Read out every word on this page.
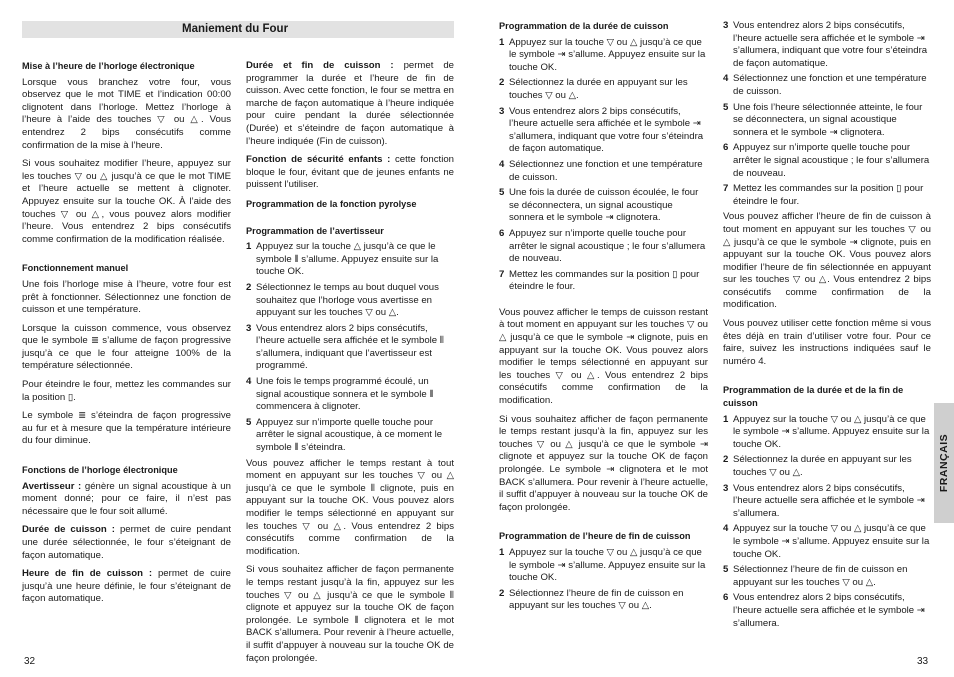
Maniement du Four
Mise à l’heure de l’horloge électronique

Lorsque vous branchez votre four, vous observez que le mot TIME et l’indication 00:00 clignotent dans l’horloge. Mettez l’horloge à l’heure à l’aide des touches ▽ ou △. Vous entendrez 2 bips consécutifs comme confirmation de la mise à l’heure.

Si vous souhaitez modifier l’heure, appuyez sur les touches ▽ ou △ jusqu’à ce que le mot TIME et l’heure actuelle se mettent à clignoter. Appuyez ensuite sur la touche OK. À l’aide des touches ▽ ou △, vous pouvez alors modifier l’heure. Vous entendrez 2 bips consécutifs comme confirmation de la modification réalisée.

Fonctionnement manuel

Une fois l’horloge mise à l’heure, votre four est prêt à fonctionner. Sélectionnez une fonction de cuisson et une température.

Lorsque la cuisson commence, vous observez que le symbole ≣ s’allume de façon progressive jusqu’à ce que le four atteigne 100% de la température sélectionnée.

Pour éteindre le four, mettez les commandes sur la position ▯.

Le symbole ≣ s’éteindra de façon progressive au fur et à mesure que la température intérieure du four diminue.

Fonctions de l’horloge électronique

Avertisseur : génère un signal acoustique à un moment donné; pour ce faire, il n’est pas nécessaire que le four soit allumé.

Durée de cuisson : permet de cuire pendant une durée sélectionnée, le four s’éteignant de façon automatique.

Heure de fin de cuisson : permet de cuire jusqu’à une heure définie, le four s’éteignant de façon automatique.

Durée et fin de cuisson : permet de programmer la durée et l’heure de fin de cuisson. Avec cette fonction, le four se mettra en marche de façon automatique à l’heure indiquée pour cuire pendant la durée sélectionnée (Durée) et s’éteindre de façon automatique à l’heure indiquée (Fin de cuisson).

Fonction de sécurité enfants : cette fonction bloque le four, évitant que de jeunes enfants ne puissent l’utiliser.

Programmation de la fonction pyrolyse
Programmation de l’avertisseur
1 Appuyez sur la touche △ jusqu’à ce que le symbole ⦀ s’allume. Appuyez ensuite sur la touche OK.
2 Sélectionnez le temps au bout duquel vous souhaitez que l’horloge vous avertisse en appuyant sur les touches ▽ ou △.
3 Vous entendrez alors 2 bips consécutifs, l’heure actuelle sera affichée et le symbole ⦀ s’allumera, indiquant que l’avertisseur est programmé.
4 Une fois le temps programmé écoulé, un signal acoustique sonnera et le symbole ⦀ commencera à clignoter.
5 Appuyez sur n’importe quelle touche pour arrêter le signal acoustique, à ce moment le symbole ⦀ s’éteindra.

Vous pouvez afficher le temps restant à tout moment en appuyant sur les touches ▽ ou △ jusqu’à ce que le symbole ⦀ clignote, puis en appuyant sur la touche OK. Vous pouvez alors modifier le temps sélectionné en appuyant sur les touches ▽ ou △. Vous entendrez 2 bips consécutifs comme confirmation de la modification.

Si vous souhaitez afficher de façon permanente le temps restant jusqu’à la fin, appuyez sur les touches ▽ ou △ jusqu’à ce que le symbole ⦀ clignote et appuyez sur la touche OK de façon prolongée. Le symbole ⦀ clignotera et le mot BACK s’allumera. Pour revenir à l’heure actuelle, il suffit d’appuyer à nouveau sur la touche OK de façon prolongée.

Programmation de la durée de cuisson
1 Appuyez sur la touche ▽ ou △ jusqu’à ce que le symbole ⇥ s’allume. Appuyez ensuite sur la touche OK.
2 Sélectionnez la durée en appuyant sur les touches ▽ ou △.
3 Vous entendrez alors 2 bips consécutifs, l’heure actuelle sera affichée et le symbole ⇥ s’allumera, indiquant que votre four s’éteindra de façon automatique.
4 Sélectionnez une fonction et une température de cuisson.
5 Une fois la durée de cuisson écoulée, le four se déconnectera, un signal acoustique sonnera et le symbole ⇥ clignotera.
6 Appuyez sur n’importe quelle touche pour arrêter le signal acoustique ; le four s’allumera de nouveau.
7 Mettez les commandes sur la position ▯ pour éteindre le four.

Vous pouvez afficher le temps de cuisson restant à tout moment en appuyant sur les touches ▽ ou △ jusqu’à ce que le symbole ⇥ clignote, puis en appuyant sur la touche OK. Vous pouvez alors modifier le temps sélectionné en appuyant sur les touches ▽ ou △. Vous entendrez 2 bips consécutifs comme confirmation de la modification.

Si vous souhaitez afficher de façon permanente le temps restant jusqu’à la fin, appuyez sur les touches ▽ ou △ jusqu’à ce que le symbole ⇥ clignote et appuyez sur la touche OK de façon prolongée. Le symbole ⇥ clignotera et le mot BACK s’allumera. Pour revenir à l’heure actuelle, il suffit d’appuyer à nouveau sur la touche OK de façon prolongée.

Programmation de l’heure de fin de cuisson
1 Appuyez sur la touche ▽ ou △ jusqu’à ce que le symbole ⇥ s’allume. Appuyez ensuite sur la touche OK.
2 Sélectionnez l’heure de fin de cuisson en appuyant sur les touches ▽ ou △.
3 Vous entendrez alors 2 bips consécutifs, l’heure actuelle sera affichée et le symbole ⇥ s’allumera, indiquant que votre four s’éteindra de façon automatique.
4 Sélectionnez une fonction et une température de cuisson.
5 Une fois l’heure sélectionnée atteinte, le four se déconnectera, un signal acoustique sonnera et le symbole ⇥ clignotera.
6 Appuyez sur n’importe quelle touche pour arrêter le signal acoustique ; le four s’allumera de nouveau.
7 Mettez les commandes sur la position ▯ pour éteindre le four.

Vous pouvez afficher l’heure de fin de cuisson à tout moment en appuyant sur les touches ▽ ou △ jusqu’à ce que le symbole ⇥ clignote, puis en appuyant sur la touche OK. Vous pouvez alors modifier l’heure de fin sélectionnée en appuyant sur les touches ▽ ou △. Vous entendrez 2 bips consécutifs comme confirmation de la modification.

Vous pouvez utiliser cette fonction même si vous êtes déjà en train d’utiliser votre four. Pour ce faire, suivez les instructions indiquées sauf le numéro 4.

Programmation de la durée et de la fin de cuisson
1 Appuyez sur la touche ▽ ou △ jusqu’à ce que le symbole ⇥ s’allume. Appuyez ensuite sur la touche OK.
2 Sélectionnez la durée en appuyant sur les touches ▽ ou △.
3 Vous entendrez alors 2 bips consécutifs, l’heure actuelle sera affichée et le symbole ⇥ s’allumera.
4 Appuyez sur la touche ▽ ou △ jusqu’à ce que le symbole ⇥ s’allume. Appuyez ensuite sur la touche OK.
5 Sélectionnez l’heure de fin de cuisson en appuyant sur les touches ▽ ou △.
6 Vous entendrez alors 2 bips consécutifs, l’heure actuelle sera affichée et le symbole ⇥ s’allumera.
FRANÇAIS
32	33
